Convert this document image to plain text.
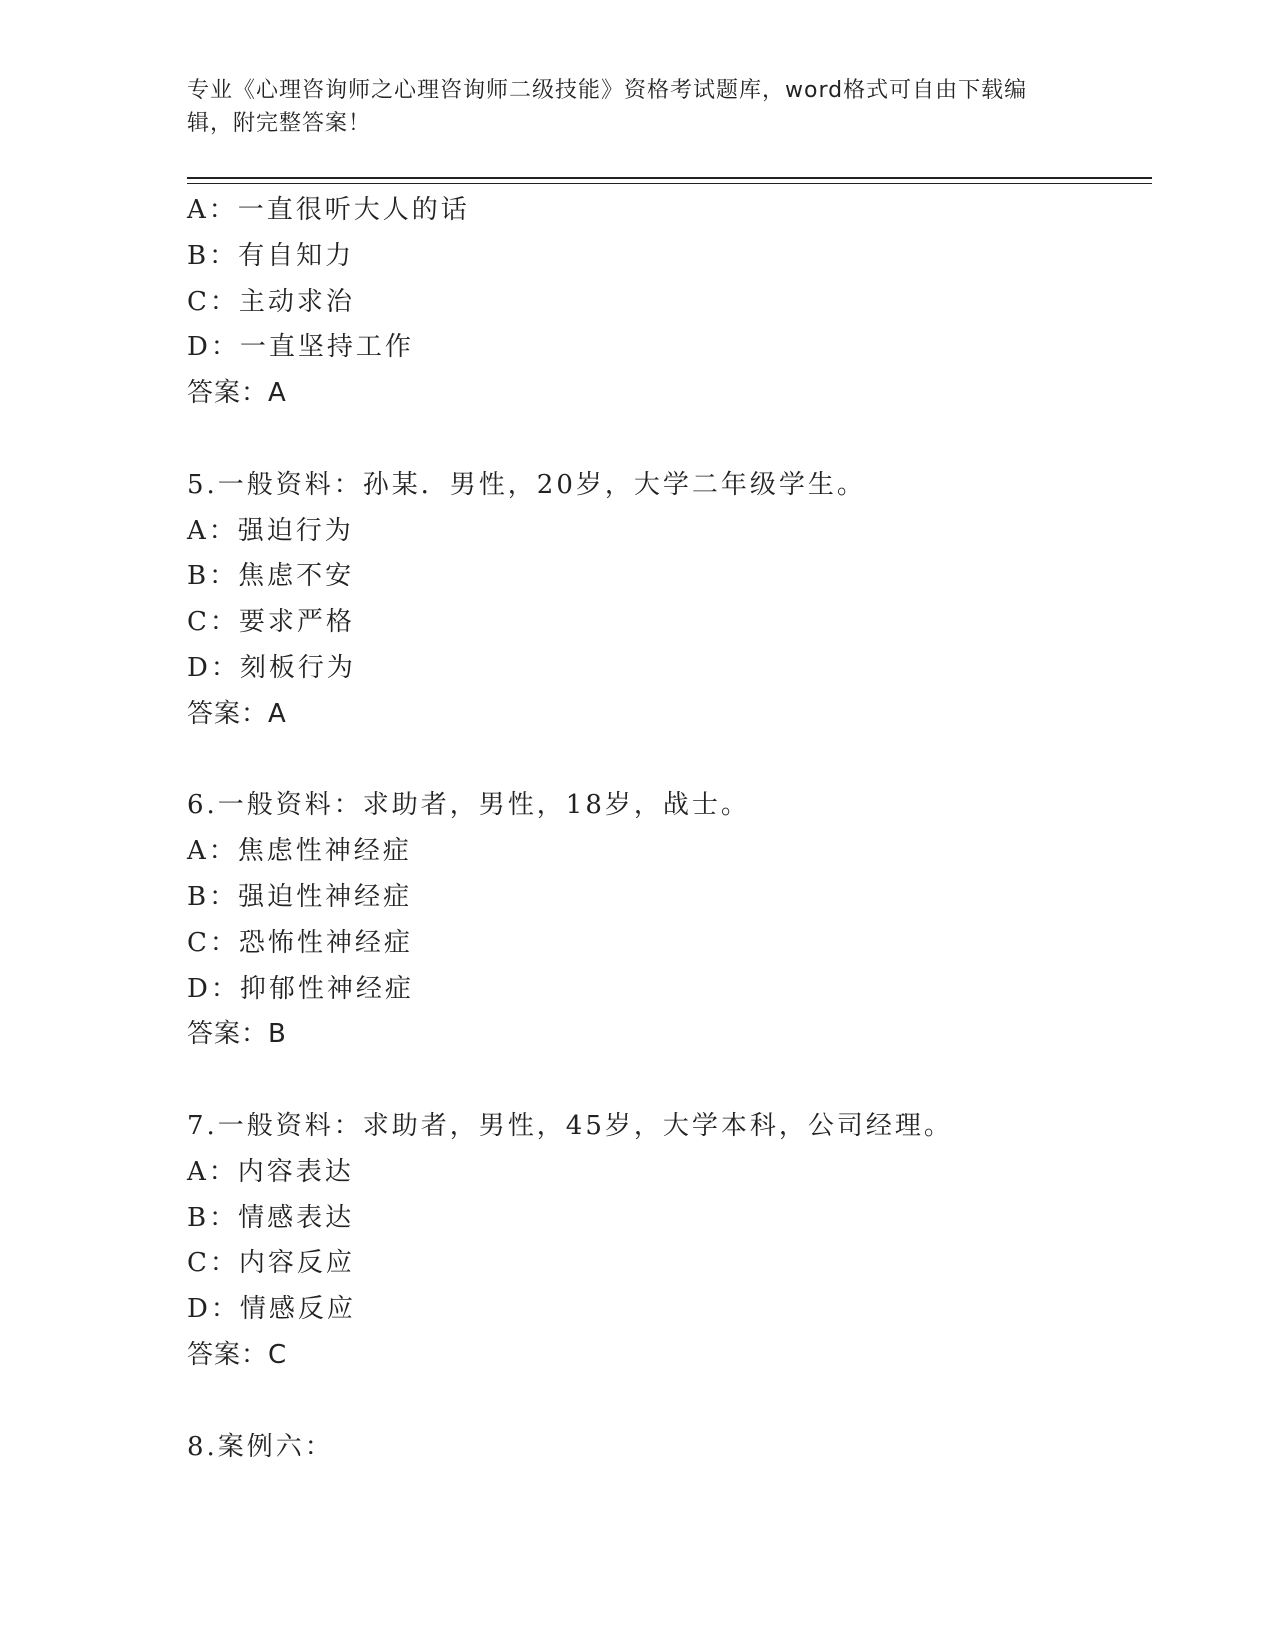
专业《心理咨询师之心理咨询师二级技能》资格考试题库，word格式可自由下载编辑，附完整答案！
A：一直很听大人的话
B：有自知力
C：主动求治
D：一直坚持工作
答案：A
5.一般资料：孙某．男性，20岁，大学二年级学生。
A：强迫行为
B：焦虑不安
C：要求严格
D：刻板行为
答案：A
6.一般资料：求助者，男性，18岁，战士。
A：焦虑性神经症
B：强迫性神经症
C：恐怖性神经症
D：抑郁性神经症
答案：B
7.一般资料：求助者，男性，45岁，大学本科，公司经理。
A：内容表达
B：情感表达
C：内容反应
D：情感反应
答案：C
8.案例六：
